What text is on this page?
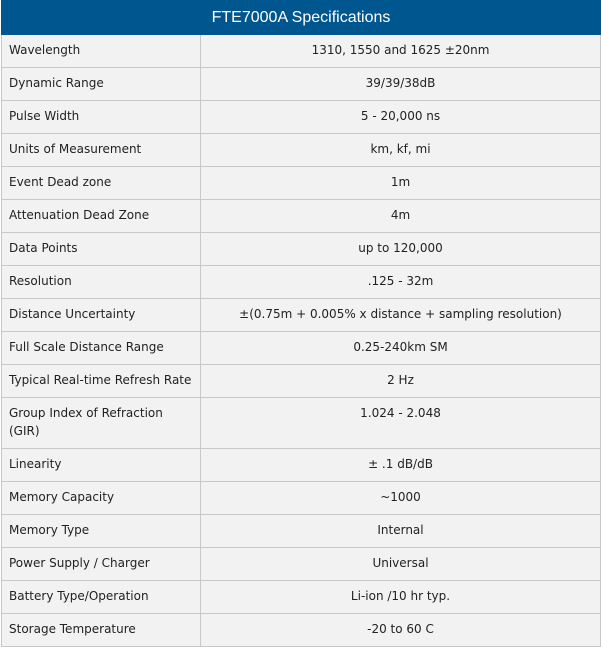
FTE7000A Specifications	
Wavelength	1310, 1550 and 1625 ±20nm
Dynamic Range	39/39/38dB
Pulse Width	5 - 20,000 ns
Units of Measurement	km, kf, mi
Event Dead zone	1m
Attenuation Dead Zone	4m
Data Points	up to 120,000
Resolution	.125 - 32m
Distance Uncertainty	±(0.75m + 0.005% x distance + sampling resolution)
Full Scale Distance Range	0.25-240km SM
Typical Real-time Refresh Rate	2 Hz
Group Index of Refraction (GIR)	1.024 - 2.048
Linearity	± .1 dB/dB
Memory Capacity	~1000
Memory Type	Internal
Power Supply / Charger	Universal
Battery Type/Operation	Li-ion /10 hr typ.
Storage Temperature	-20 to 60 C
